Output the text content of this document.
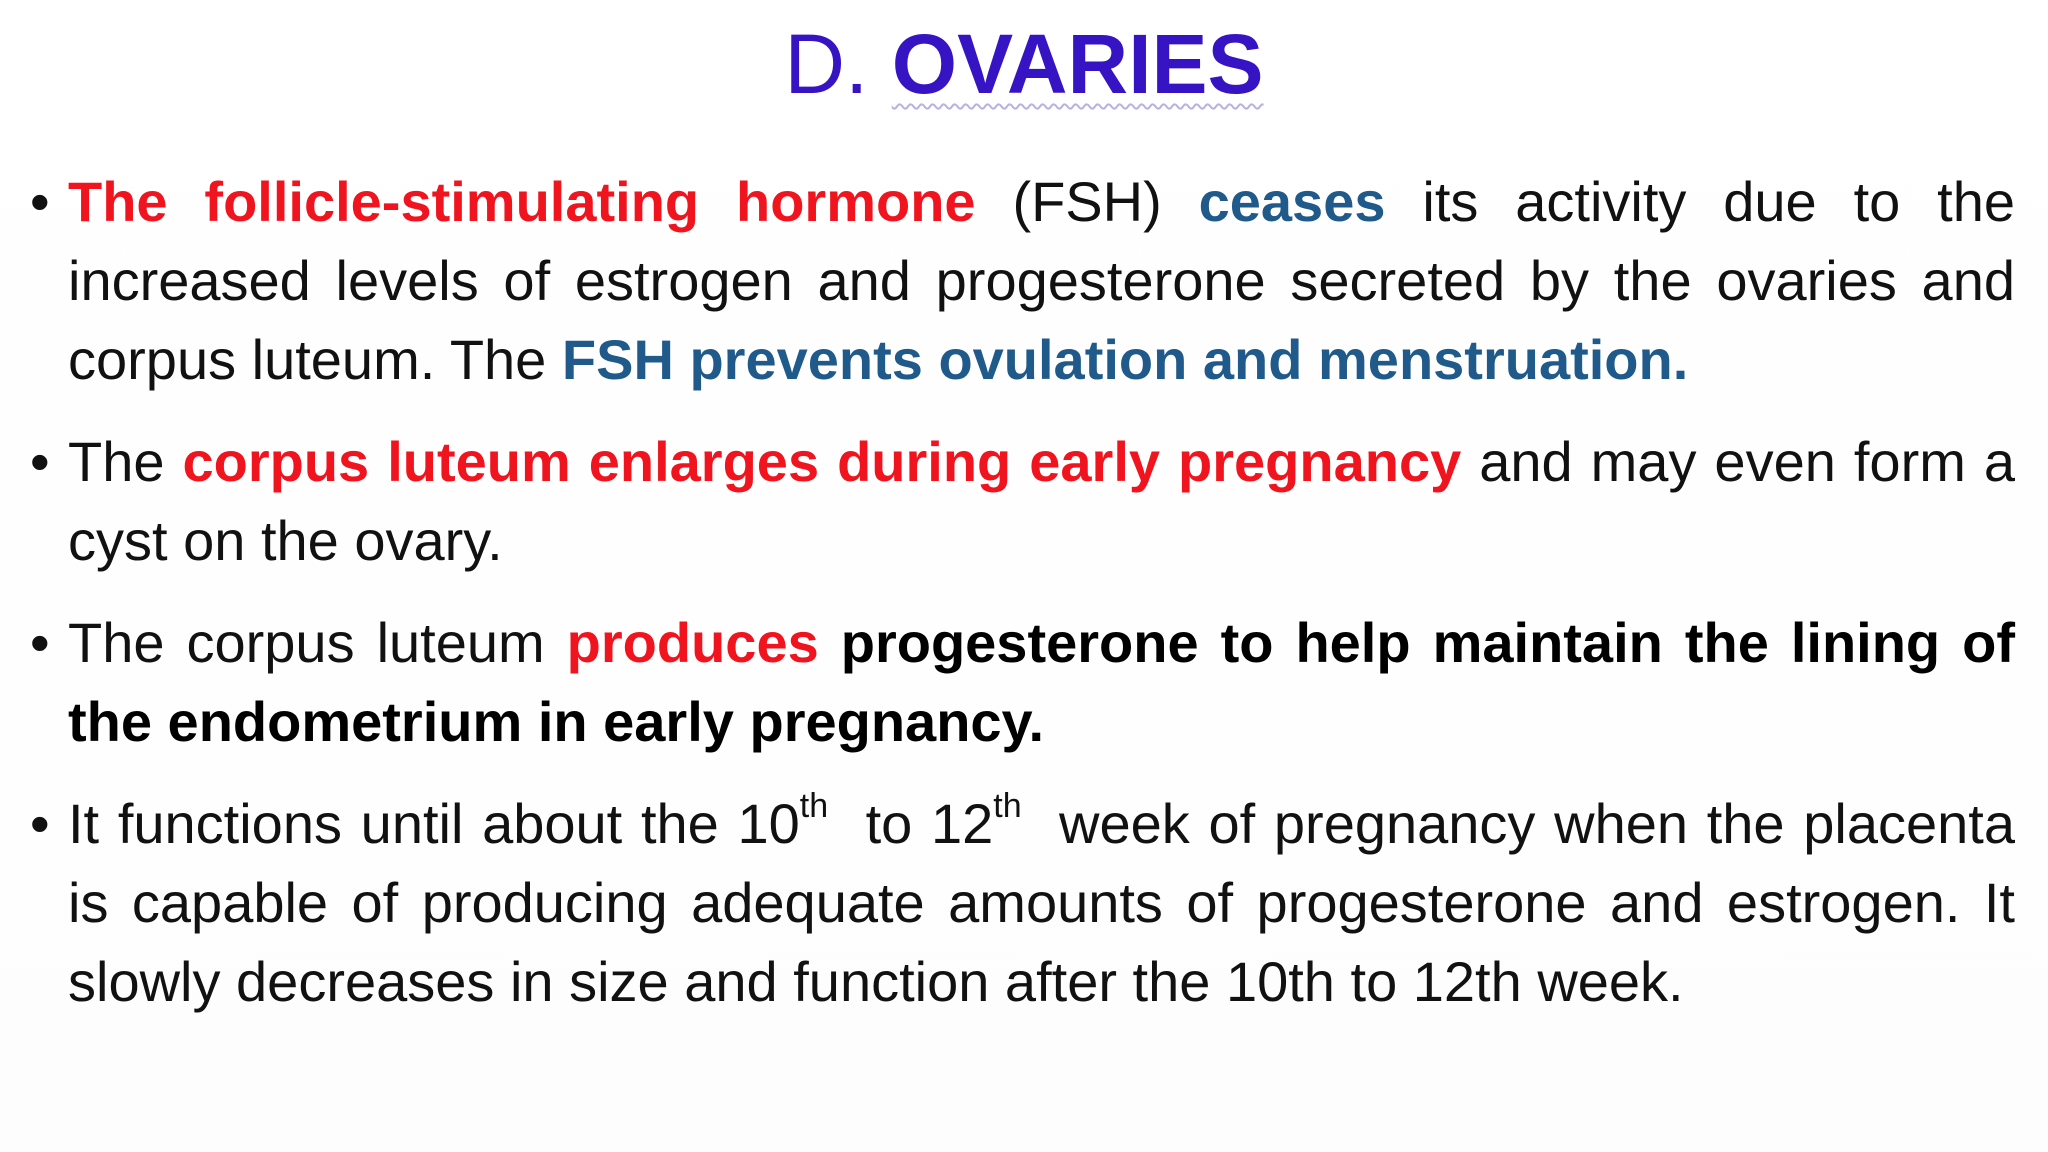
D. OVARIES
• The follicle-stimulating hormone (FSH) ceases its activity due to the increased levels of estrogen and progesterone secreted by the ovaries and corpus luteum. The FSH prevents ovulation and menstruation.
• The corpus luteum enlarges during early pregnancy and may even form a cyst on the ovary.
• The corpus luteum produces progesterone to help maintain the lining of the endometrium in early pregnancy.
• It functions until about the 10th  to 12th  week of pregnancy when the placenta is capable of producing adequate amounts of progesterone and estrogen. It slowly decreases in size and function after the 10th to 12th week.
